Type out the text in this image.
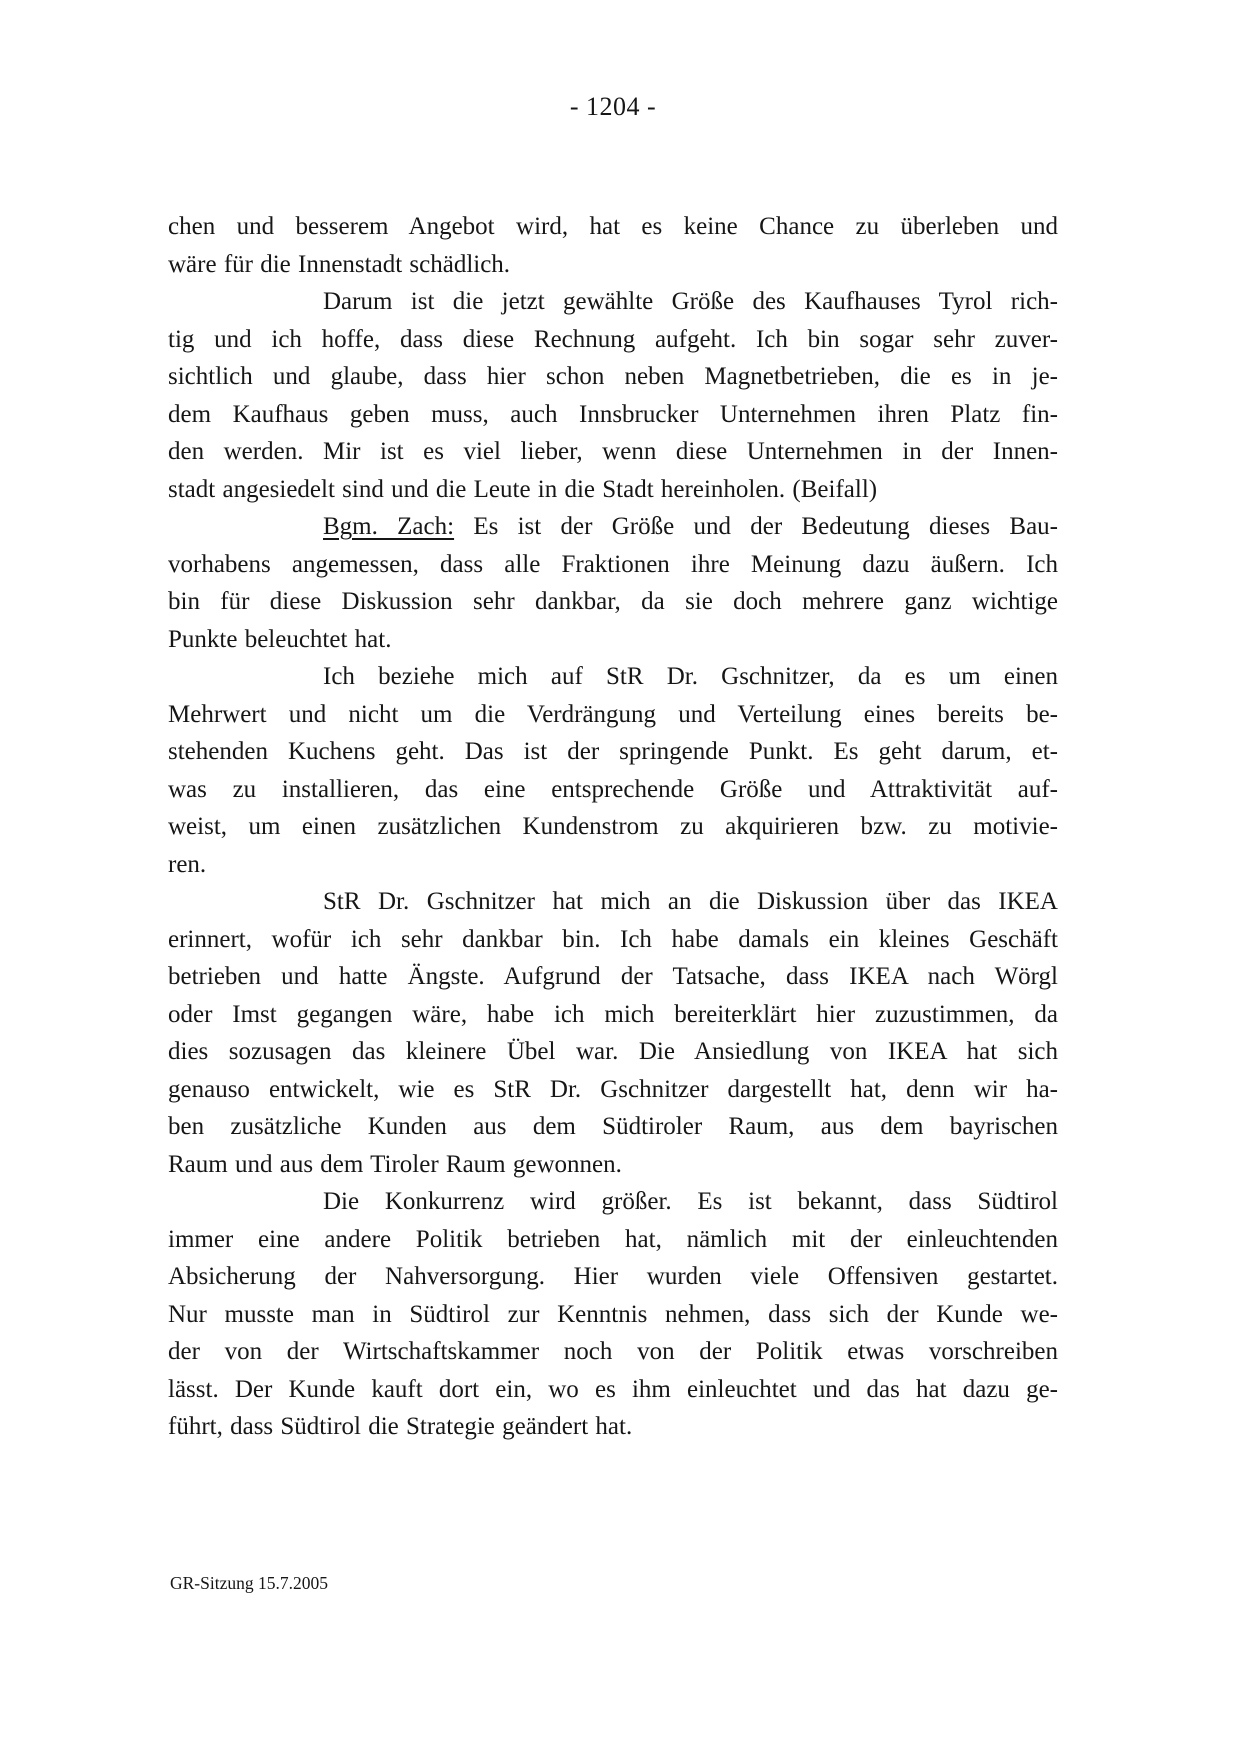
- 1204 -
chen und besserem Angebot wird, hat es keine Chance zu überleben und
wäre für die Innenstadt schädlich.
Darum ist die jetzt gewählte Größe des Kaufhauses Tyrol rich-
tig und ich hoffe, dass diese Rechnung aufgeht. Ich bin sogar sehr zuver-
sichtlich und glaube, dass hier schon neben Magnetbetrieben, die es in je-
dem Kaufhaus geben muss, auch Innsbrucker Unternehmen ihren Platz fin-
den werden. Mir ist es viel lieber, wenn diese Unternehmen in der Innen-
stadt angesiedelt sind und die Leute in die Stadt hereinholen. (Beifall)
Bgm. Zach: Es ist der Größe und der Bedeutung dieses Bau-
vorhabens angemessen, dass alle Fraktionen ihre Meinung dazu äußern. Ich
bin für diese Diskussion sehr dankbar, da sie doch mehrere ganz wichtige
Punkte beleuchtet hat.
Ich beziehe mich auf StR Dr. Gschnitzer, da es um einen
Mehrwert und nicht um die Verdrängung und Verteilung eines bereits be-
stehenden Kuchens geht. Das ist der springende Punkt. Es geht darum, et-
was zu installieren, das eine entsprechende Größe und Attraktivität auf-
weist, um einen zusätzlichen Kundenstrom zu akquirieren bzw. zu motivie-
ren.
StR Dr. Gschnitzer hat mich an die Diskussion über das IKEA
erinnert, wofür ich sehr dankbar bin. Ich habe damals ein kleines Geschäft
betrieben und hatte Ängste. Aufgrund der Tatsache, dass IKEA nach Wörgl
oder Imst gegangen wäre, habe ich mich bereiterklärt hier zuzustimmen, da
dies sozusagen das kleinere Übel war. Die Ansiedlung von IKEA hat sich
genauso entwickelt, wie es StR Dr. Gschnitzer dargestellt hat, denn wir ha-
ben zusätzliche Kunden aus dem Südtiroler Raum, aus dem bayrischen
Raum und aus dem Tiroler Raum gewonnen.
Die Konkurrenz wird größer. Es ist bekannt, dass Südtirol
immer eine andere Politik betrieben hat, nämlich mit der einleuchtenden
Absicherung der Nahversorgung. Hier wurden viele Offensiven gestartet.
Nur musste man in Südtirol zur Kenntnis nehmen, dass sich der Kunde we-
der von der Wirtschaftskammer noch von der Politik etwas vorschreiben
lässt. Der Kunde kauft dort ein, wo es ihm einleuchtet und das hat dazu ge-
führt, dass Südtirol die Strategie geändert hat.
GR-Sitzung 15.7.2005
